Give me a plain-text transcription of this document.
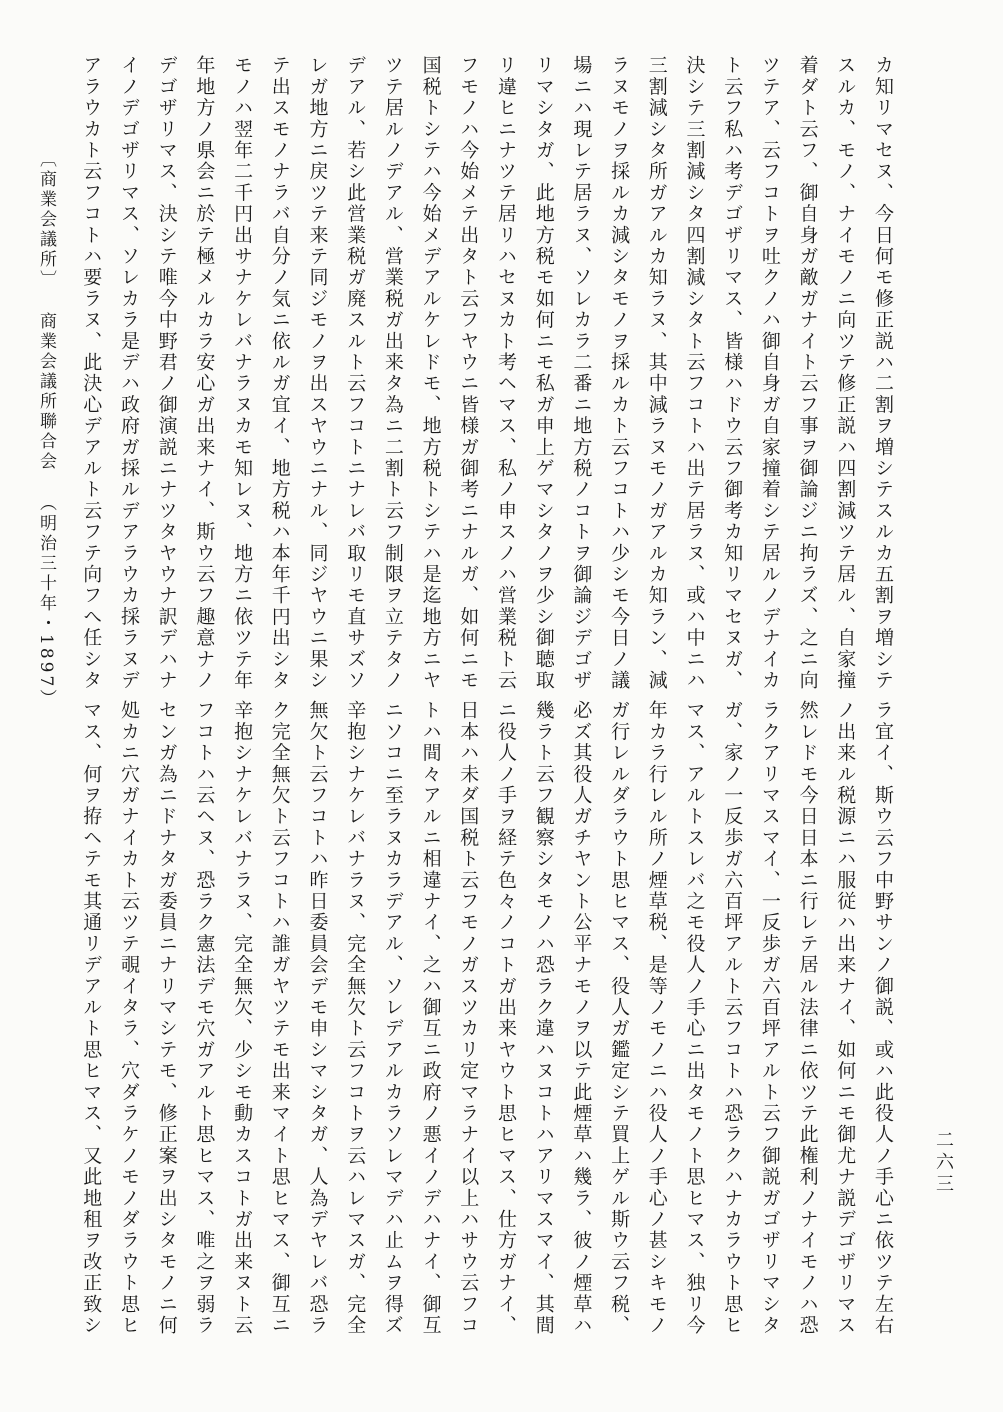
カ知リマセヌ、今日何モ修正説ハ二割ヲ増シテスルカ五割ヲ増シテ
スルカ、モノ、ナイモノニ向ツテ修正説ハ四割減ツテ居ル、自家撞
着ダト云フ、御自身ガ敵ガナイト云フ事ヲ御論ジニ拘ラズ、之ニ向
ツテア、云フコトヲ吐クノハ御自身ガ自家撞着シテ居ルノデナイカ
ト云フ私ハ考デゴザリマス、皆様ハドウ云フ御考カ知リマセヌガ、
決シテ三割減シタ四割減シタト云フコトハ出テ居ラヌ、或ハ中ニハ
三割減シタ所ガアルカ知ラヌ、其中減ラヌモノガアルカ知ラン、減
ラヌモノヲ採ルカ減シタモノヲ採ルカト云フコトハ少シモ今日ノ議
場ニハ現レテ居ラヌ、ソレカラ二番ニ地方税ノコトヲ御論ジデゴザ
リマシタガ、此地方税モ如何ニモ私ガ申上ゲマシタノヲ少シ御聴取
リ違ヒニナツテ居リハセヌカト考ヘマス、私ノ申スノハ営業税ト云
フモノハ今始メテ出タト云フヤウニ皆様ガ御考ニナルガ、如何ニモ
国税トシテハ今始メデアルケレドモ、地方税トシテハ是迄地方ニヤ
ツテ居ルノデアル、営業税ガ出来タ為ニ二割ト云フ制限ヲ立テタノ
デアル、若シ此営業税ガ廃スルト云フコトニナレバ取リモ直サズソ
レガ地方ニ戻ツテ来テ同ジモノヲ出スヤウニナル、同ジヤウニ果シ
テ出スモノナラバ自分ノ気ニ依ルガ宜イ、地方税ハ本年千円出シタ
モノハ翌年二千円出サナケレバナラヌカモ知レヌ、地方ニ依ツテ年
年地方ノ県会ニ於テ極メルカラ安心ガ出来ナイ、斯ウ云フ趣意ナノ
デゴザリマス、決シテ唯今中野君ノ御演説ニナツタヤウナ訳デハナ
イノデゴザリマス、ソレカラ是デハ政府ガ採ルデアラウカ採ラヌデ
アラウカト云フコトハ要ラヌ、此決心デアルト云フテ向フへ任シタ
ラ宜イ、斯ウ云フ中野サンノ御説、或ハ此役人ノ手心ニ依ツテ左右
ノ出来ル税源ニハ服従ハ出来ナイ、如何ニモ御尤ナ説デゴザリマス
然レドモ今日日本ニ行レテ居ル法律ニ依ツテ此権利ノナイモノハ恐
ラクアリマスマイ、一反歩ガ六百坪アルト云フ御説ガゴザリマシタ
ガ、家ノ一反歩ガ六百坪アルト云フコトハ恐ラクハナカラウト思ヒ
マス、アルトスレバ之モ役人ノ手心ニ出タモノト思ヒマス、独リ今
年カラ行レル所ノ煙草税、是等ノモノニハ役人ノ手心ノ甚シキモノ
ガ行レルダラウト思ヒマス、役人ガ鑑定シテ買上ゲル斯ウ云フ税、
必ズ其役人ガチヤント公平ナモノヲ以テ此煙草ハ幾ラ、彼ノ煙草ハ
幾ラト云フ観察シタモノハ恐ラク違ハヌコトハアリマスマイ、其間
ニ役人ノ手ヲ経テ色々ノコトガ出来ヤウト思ヒマス、仕方ガナイ、
日本ハ未ダ国税ト云フモノガスツカリ定マラナイ以上ハサウ云フコ
トハ間々アルニ相違ナイ、之ハ御互ニ政府ノ悪イノデハナイ、御互
ニソコニ至ラヌカラデアル、ソレデアルカラソレマデハ止ムヲ得ズ
辛抱シナケレバナラヌ、完全無欠ト云フコトヲ云ハレマスガ、完全
無欠ト云フコトハ昨日委員会デモ申シマシタガ、人為デヤレバ恐ラ
ク完全無欠ト云フコトハ誰ガヤツテモ出来マイト思ヒマス、御互ニ
辛抱シナケレバナラヌ、完全無欠、少シモ動カスコトガ出来ヌト云
フコトハ云ヘヌ、恐ラク憲法デモ穴ガアルト思ヒマス、唯之ヲ弱ラ
センガ為ニドナタガ委員ニナリマシテモ、修正案ヲ出シタモノニ何
処カニ穴ガナイカト云ツテ覗イタラ、穴ダラケノモノダラウト思ヒ
マス、何ヲ拵ヘテモ其通リデアルト思ヒマス、又此地租ヲ改正致シ	二六三
〔商業会議所〕商業会議所聯合会（明治三十年・1897）
